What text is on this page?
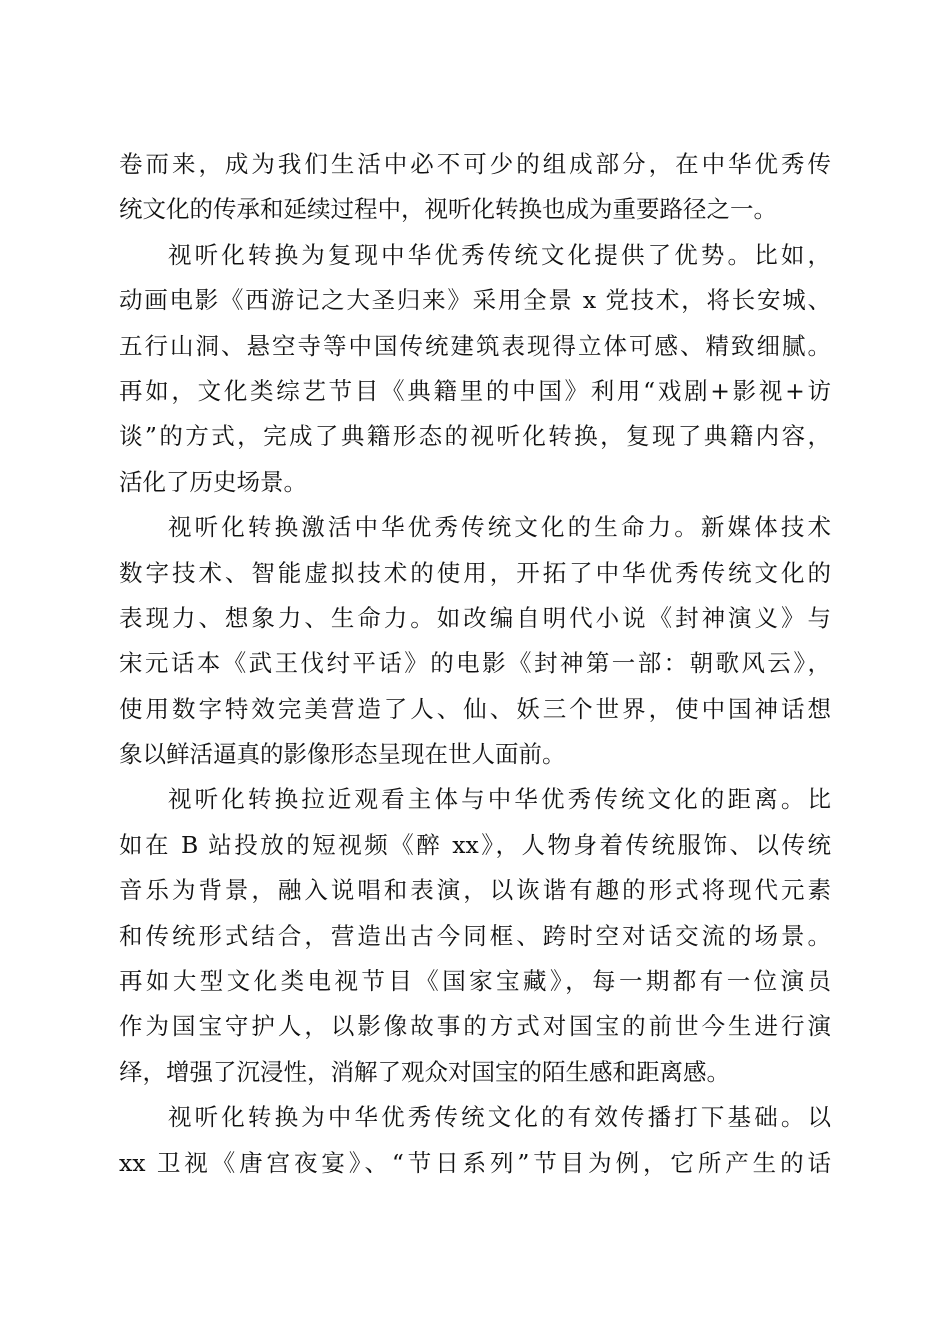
卷而来，成为我们生活中必不可少的组成部分，在中华优秀传
统文化的传承和延续过程中，视听化转换也成为重要路径之一。
视听化转换为复现中华优秀传统文化提供了优势。比如，
动画电影《西游记之大圣归来》采用全景 x 党技术，将长安城、
五行山洞、悬空寺等中国传统建筑表现得立体可感、精致细腻。
再如，文化类综艺节目《典籍里的中国》利用“戏剧+影视+访
谈”的方式，完成了典籍形态的视听化转换，复现了典籍内容，
活化了历史场景。
视听化转换激活中华优秀传统文化的生命力。新媒体技术
数字技术、智能虚拟技术的使用，开拓了中华优秀传统文化的
表现力、想象力、生命力。如改编自明代小说《封神演义》与
宋元话本《武王伐纣平话》的电影《封神第一部：朝歌风云》，
使用数字特效完美营造了人、仙、妖三个世界，使中国神话想
象以鲜活逼真的影像形态呈现在世人面前。
视听化转换拉近观看主体与中华优秀传统文化的距离。比
如在 B 站投放的短视频《醉 xx》，人物身着传统服饰、以传统
音乐为背景，融入说唱和表演，以诙谐有趣的形式将现代元素
和传统形式结合，营造出古今同框、跨时空对话交流的场景。
再如大型文化类电视节目《国家宝藏》，每一期都有一位演员
作为国宝守护人，以影像故事的方式对国宝的前世今生进行演
绎，增强了沉浸性，消解了观众对国宝的陌生感和距离感。
视听化转换为中华优秀传统文化的有效传播打下基础。以
xx 卫视《唐宫夜宴》、“节日系列”节目为例，它所产生的话
